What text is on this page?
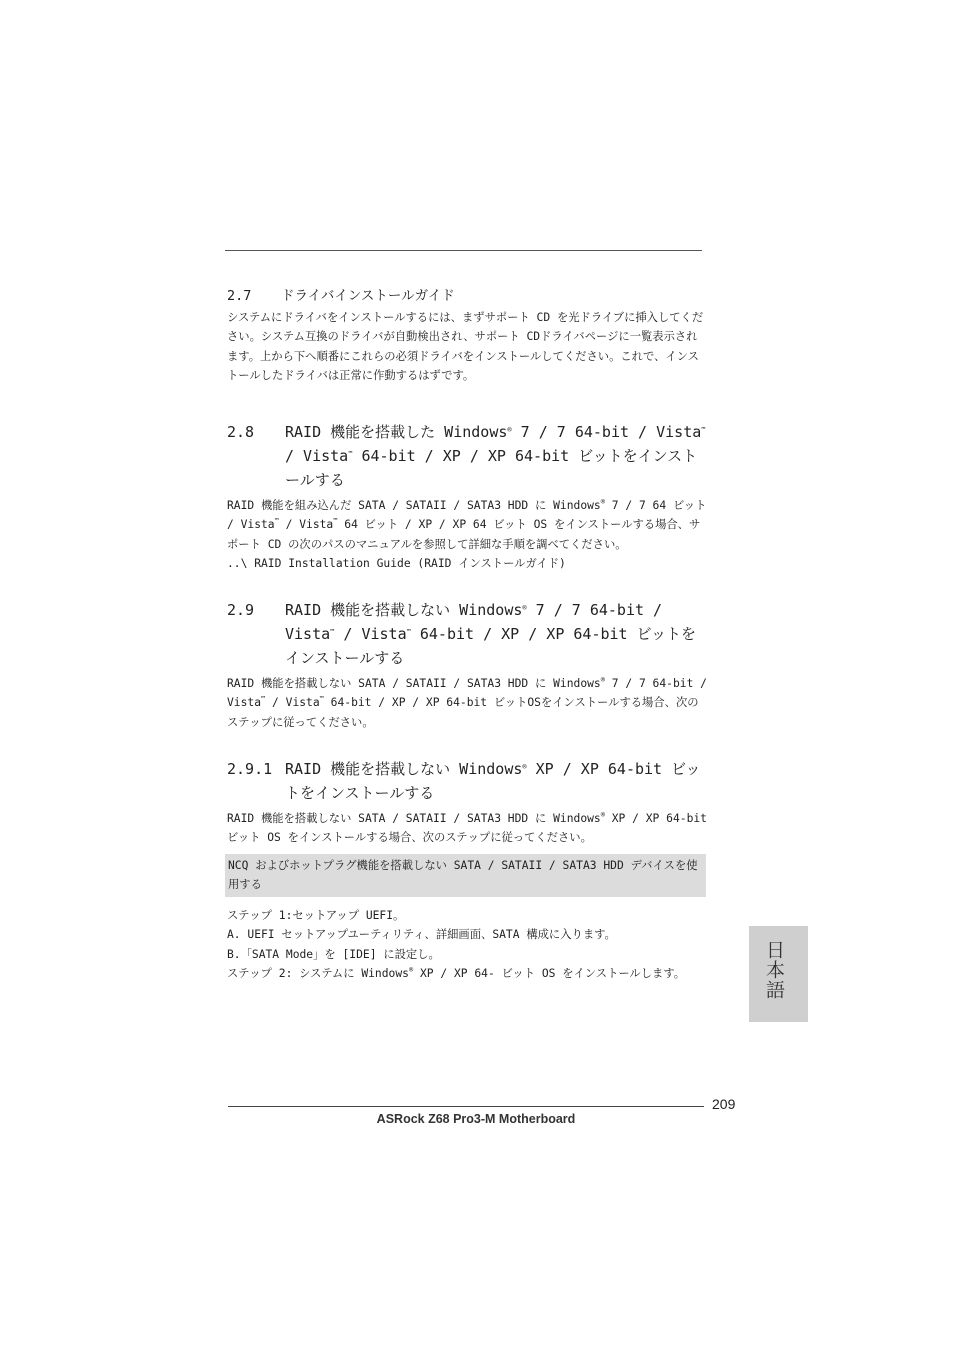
2.7 ドライバインストールガイド

システムにドライバをインストールするには、まずサポート CD を光ドライブに挿入してください。システム互換のドライバが自動検出され、サポート CDドライバページに一覧表示されます。上から下へ順番にこれらの必須ドライバをインストールしてください。これで、インストールしたドライバは正常に作動するはずです。

2.8 RAID 機能を搭載した Windows® 7 / 7 64-bit / Vista™ / Vista™ 64-bit / XP / XP 64-bit ビットをインストールする

RAID 機能を組み込んだ SATA / SATAII / SATA3 HDD に Windows® 7 / 7 64 ビット / Vista™ / Vista™ 64 ビット / XP / XP 64 ビット OS をインストールする場合、サポート CD の次のパスのマニュアルを参照して詳細な手順を調べてください。

..\ RAID Installation Guide (RAID インストールガイド)

2.9 RAID 機能を搭載しない Windows® 7 / 7 64-bit / Vista™ / Vista™ 64-bit / XP / XP 64-bit ビットをインストールする

RAID 機能を搭載しない SATA / SATAII / SATA3 HDD に Windows® 7 / 7 64-bit / Vista™ / Vista™ 64-bit / XP / XP 64-bit ビットOSをインストールする場合、次のステップに従ってください。

2.9.1 RAID 機能を搭載しない Windows® XP / XP 64-bit ビットをインストールする

RAID 機能を搭載しない SATA / SATAII / SATA3 HDD に Windows® XP / XP 64-bit ビット OS をインストールする場合、次のステップに従ってください。

NCQ およびホットプラグ機能を搭載しない SATA / SATAII / SATA3 HDD デバイスを使用する

ステップ 1:セットアップ UEFI。

A. UEFI セットアップユーティリティ、詳細画面、SATA 構成に入ります。

B.「SATA Mode」を [IDE] に設定し。

ステップ 2: システムに Windows® XP / XP 64- ビット OS をインストールします。	日本語
209
ASRock Z68 Pro3-M Motherboard
